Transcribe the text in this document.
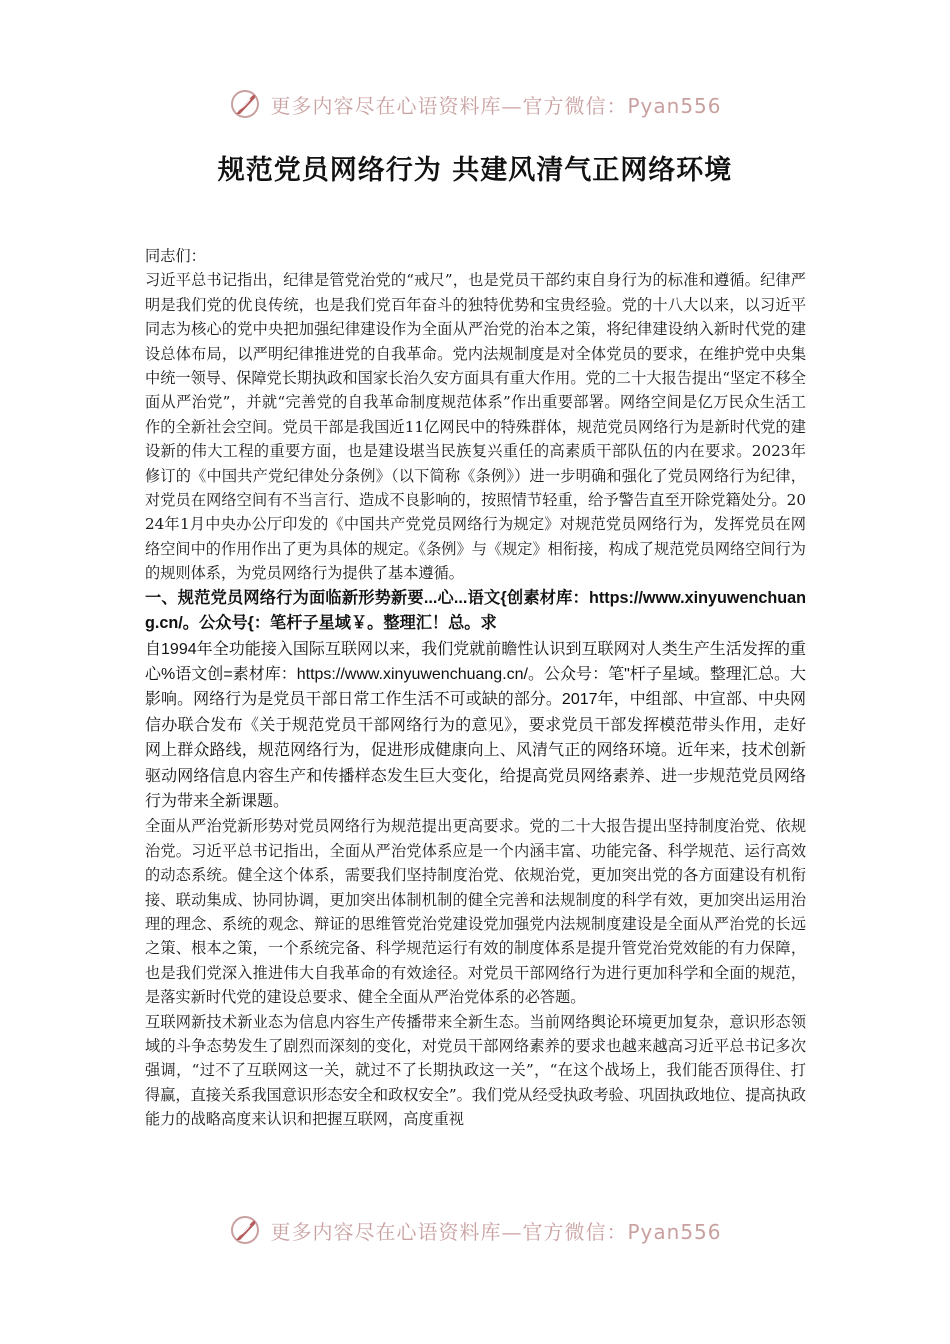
更多内容尽在心语资料库—官方微信：Pyan556
规范党员网络行为 共建风清气正网络环境

同志们：

习近平总书记指出，纪律是管党治党的“戒尺”，也是党员干部约束自身行为的标准和遵循。纪律严明是我们党的优良传统，也是我们党百年奋斗的独特优势和宝贵经验。党的十八大以来，以习近平同志为核心的党中央把加强纪律建设作为全面从严治党的治本之策，将纪律建设纳入新时代党的建设总体布局，以严明纪律推进党的自我革命。党内法规制度是对全体党员的要求，在维护党中央集中统一领导、保障党长期执政和国家长治久安方面具有重大作用。党的二十大报告提出“坚定不移全面从严治党”，并就“完善党的自我革命制度规范体系”作出重要部署。网络空间是亿万民众生活工作的全新社会空间。党员干部是我国近11亿网民中的特殊群体，规范党员网络行为是新时代党的建设新的伟大工程的重要方面，也是建设堪当民族复兴重任的高素质干部队伍的内在要求。2023年修订的《中国共产党纪律处分条例》（以下简称《条例》）进一步明确和强化了党员网络行为纪律，对党员在网络空间有不当言行、造成不良影响的，按照情节轻重，给予警告直至开除党籍处分。2024年1月中央办公厅印发的《中国共产党党员网络行为规定》对规范党员网络行为，发挥党员在网络空间中的作用作出了更为具体的规定。《条例》与《规定》相衔接，构成了规范党员网络空间行为的规则体系，为党员网络行为提供了基本遵循。

一、规范党员网络行为面临新形势新要...心...语文{创素材库：https://www.xinyuwenchuang.cn/。公众号{：笔杆子星域￥。整理汇！总。求

自1994年全功能接入国际互联网以来，我们党就前瞻性认识到互联网对人类生产生活发挥的重心%语文创=素材库：https://www.xinyuwenchuang.cn/。公众号：笔"杆子星域。整理汇总。大影响。网络行为是党员干部日常工作生活不可或缺的部分。2017年，中组部、中宣部、中央网信办联合发布《关于规范党员干部网络行为的意见》，要求党员干部发挥模范带头作用，走好网上群众路线，规范网络行为，促进形成健康向上、风清气正的网络环境。近年来，技术创新驱动网络信息内容生产和传播样态发生巨大变化，给提高党员网络素养、进一步规范党员网络行为带来全新课题。

全面从严治党新形势对党员网络行为规范提出更高要求。党的二十大报告提出坚持制度治党、依规治党。习近平总书记指出，全面从严治党体系应是一个内涵丰富、功能完备、科学规范、运行高效的动态系统。健全这个体系，需要我们坚持制度治党、依规治党，更加突出党的各方面建设有机衔接、联动集成、协同协调，更加突出体制机制的健全完善和法规制度的科学有效，更加突出运用治理的理念、系统的观念、辩证的思维管党治党建设党加强党内法规制度建设是全面从严治党的长远之策、根本之策，一个系统完备、科学规范运行有效的制度体系是提升管党治党效能的有力保障，也是我们党深入推进伟大自我革命的有效途径。对党员干部网络行为进行更加科学和全面的规范，是落实新时代党的建设总要求、健全全面从严治党体系的必答题。

互联网新技术新业态为信息内容生产传播带来全新生态。当前网络舆论环境更加复杂，意识形态领域的斗争态势发生了剧烈而深刻的变化，对党员干部网络素养的要求也越来越高习近平总书记多次强调，“过不了互联网这一关，就过不了长期执政这一关”，“在这个战场上，我们能否顶得住、打得赢，直接关系我国意识形态安全和政权安全”。我们党从经受执政考验、巩固执政地位、提高执政能力的战略高度来认识和把握互联网，高度重视

更多内容尽在心语资料库—官方微信：Pyan556
